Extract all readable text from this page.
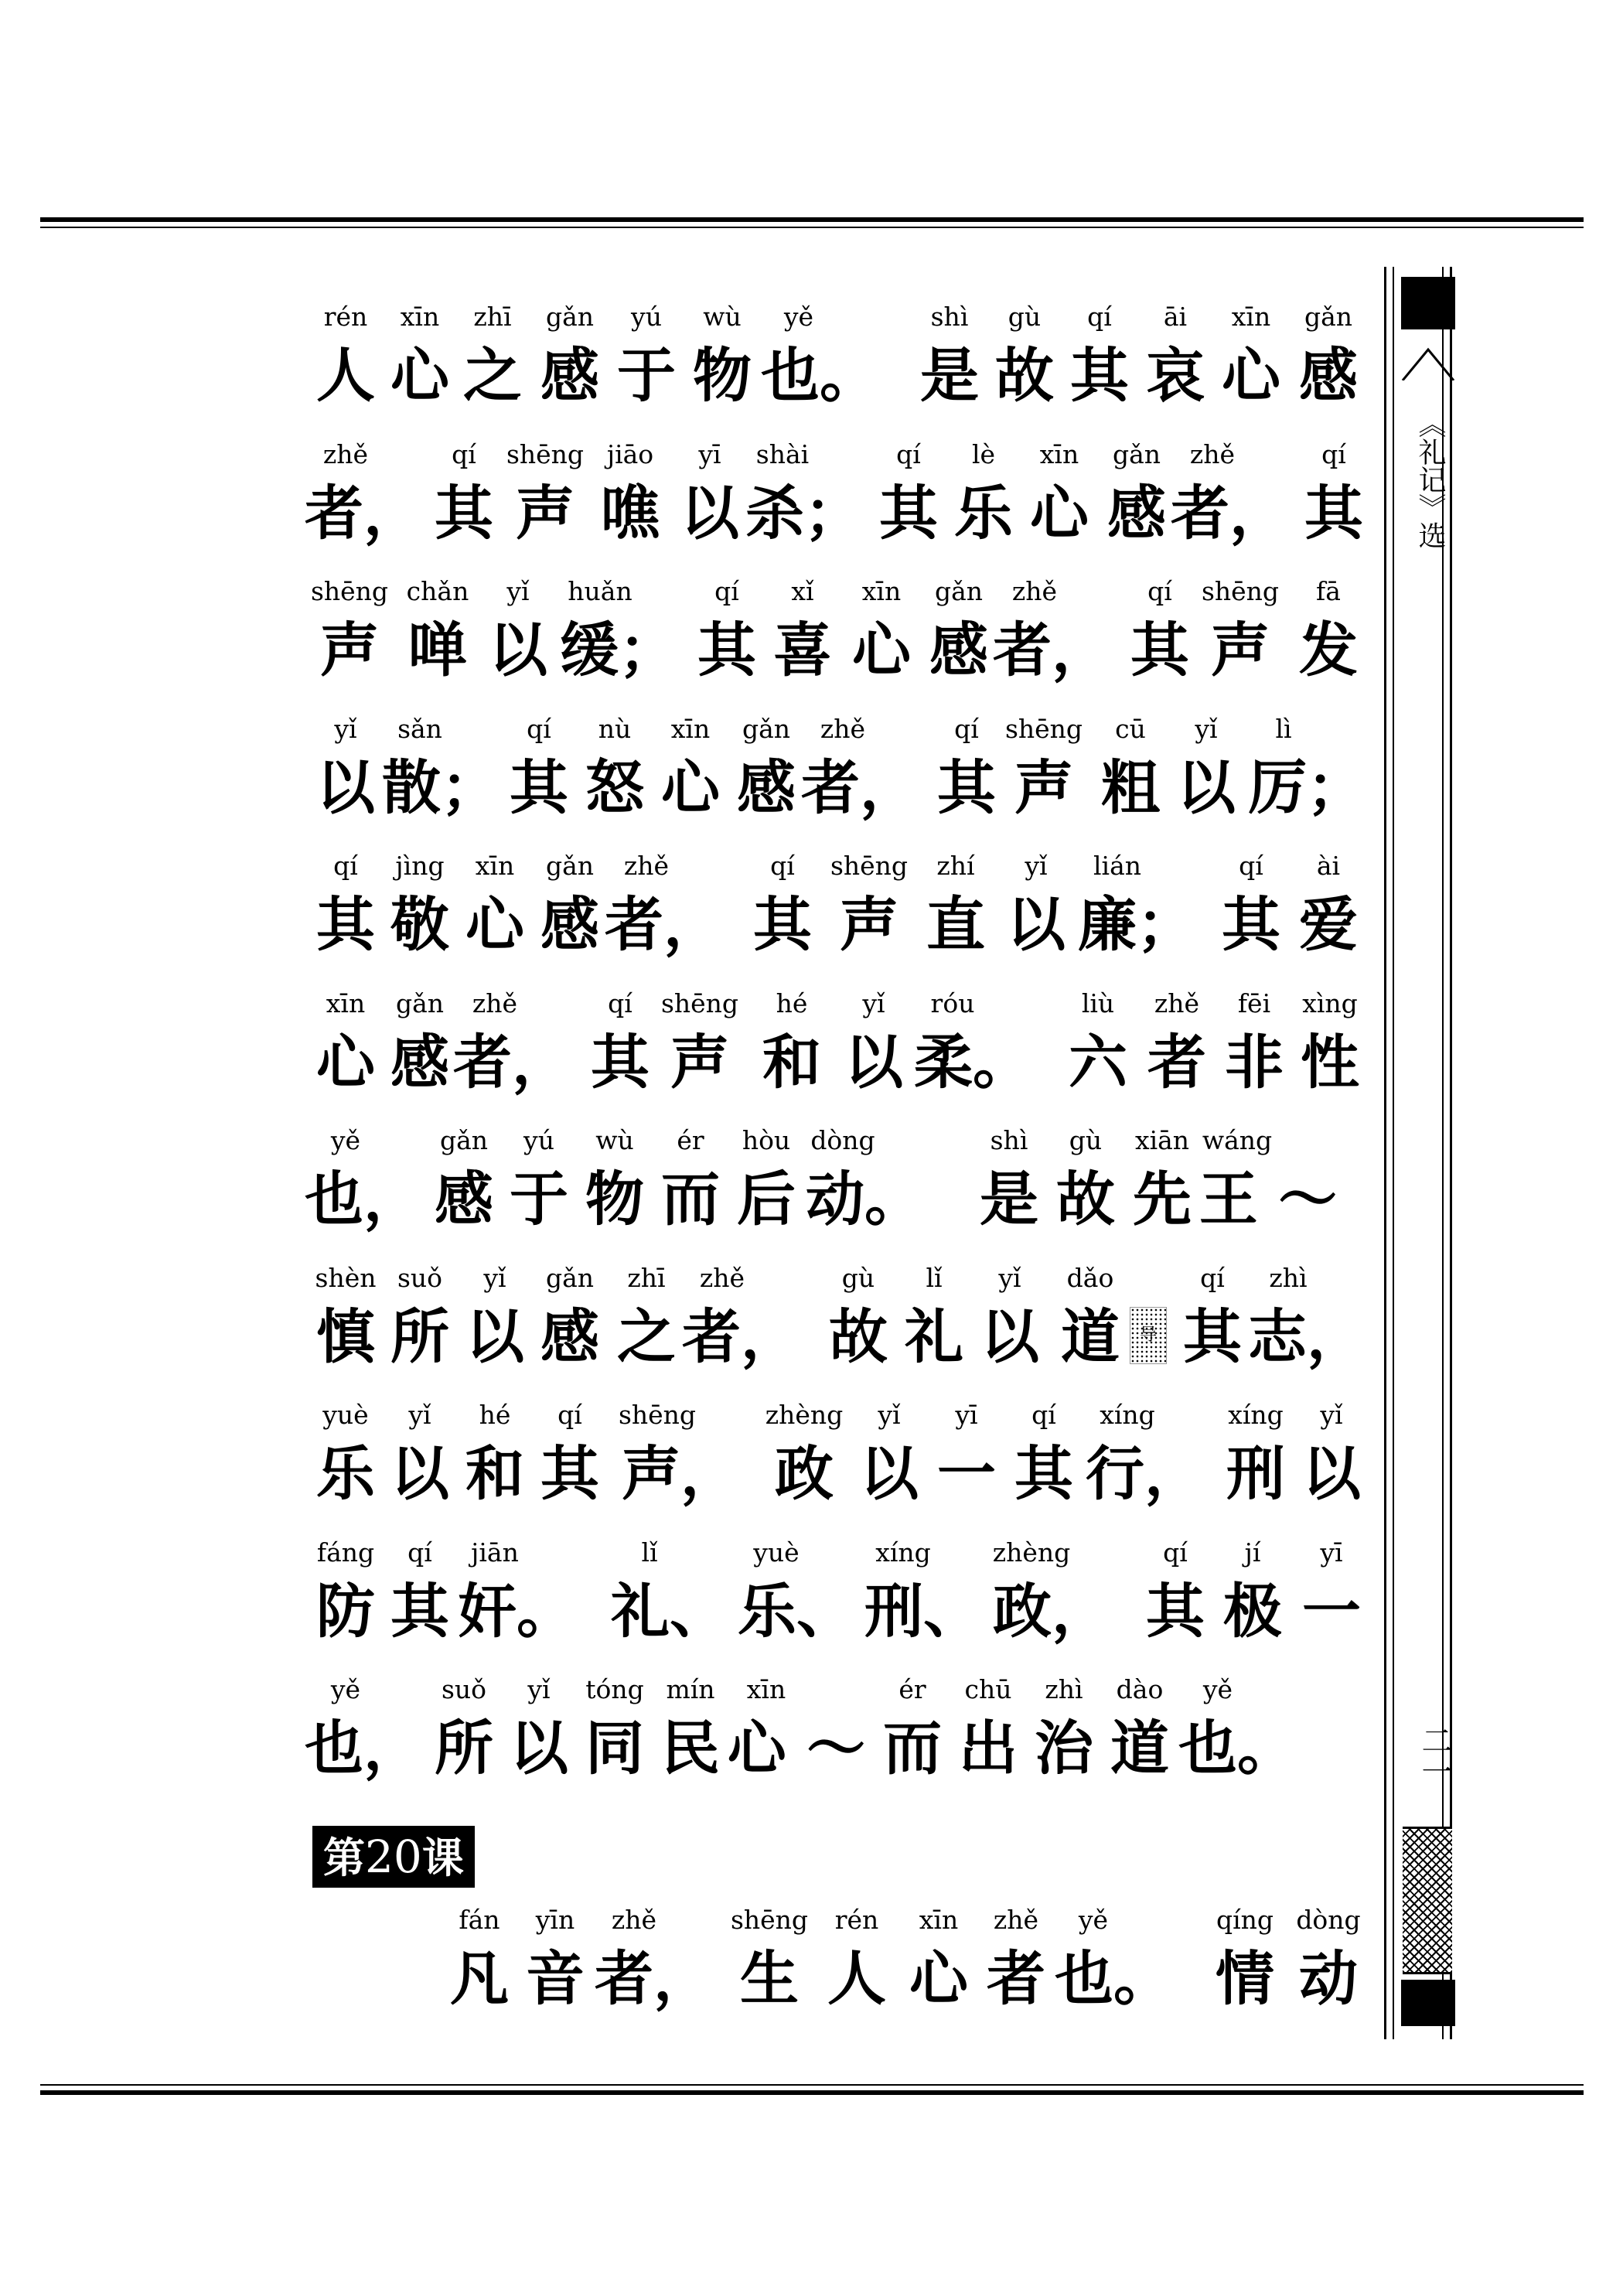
《礼记》选
二一
rén xīn zhī gǎn yú wù yě	shì gù qí āi xīn gǎn
人 心 之 感 于 物 也。 是 故 其 哀 心 感
zhě	qí shēng jiāo yī shài	qí lè xīn gǎn zhě	qí
者， 其 声 噍 以 杀； 其 乐 心 感 者， 其
shēng chǎn yǐ huǎn	qí xǐ xīn gǎn zhě	qí shēng fā
声 啴 以 缓； 其 喜 心 感 者， 其 声 发
yǐ sǎn	qí nù xīn gǎn zhě	qí shēng cū yǐ lì
以 散； 其 怒 心 感 者， 其 声 粗 以 厉；
qí jìng xīn gǎn zhě	qí shēng zhí yǐ lián	qí ài
其 敬 心 感 者， 其 声 直 以 廉； 其 爱
xīn gǎn zhě	qí shēng hé yǐ róu	liù zhě fēi xìng
心 感 者， 其 声 和 以 柔。 六 者 非 性
yě	gǎn yú wù ér hòu dòng	shì gù xiān wáng
也， 感 于 物 而 后 动。 是 故 先 王 ～
shèn suǒ yǐ gǎn zhī zhě	gù lǐ yǐ dǎo	qí zhì
慎 所 以 感 之 者， 故 礼 以 道 其 志，
yuè yǐ hé qí shēng	zhèng yǐ yī qí xíng	xíng yǐ
乐 以 和 其 声， 政 以 一 其 行， 刑 以
fáng qí jiān	lǐ	yuè	xíng zhèng	qí jí yī
防 其 奸。 礼、 乐、 刑、 政， 其 极 一
yě	suǒ yǐ tóng mín xīn	ér chū zhì dào yě
也， 所 以 同 民 心 ～ 而 出 治 道 也。
导
第20课
fán yīn zhě	shēng rén xīn zhě yě	qíng dòng
凡 音 者， 生 人 心 者 也。 情 动
